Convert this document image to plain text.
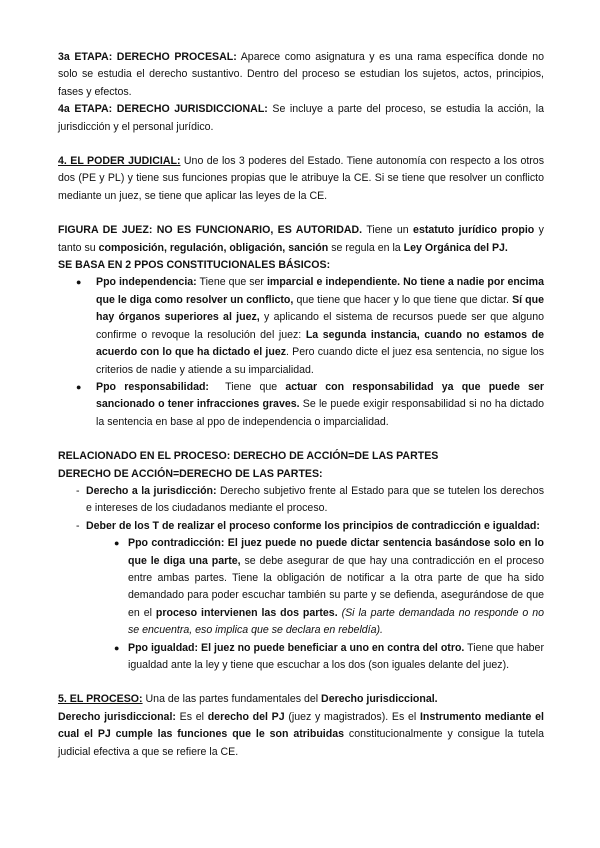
3a ETAPA: DERECHO PROCESAL: Aparece como asignatura y es una rama específica donde no solo se estudia el derecho sustantivo. Dentro del proceso se estudian los sujetos, actos, principios, fases y efectos.

4a ETAPA: DERECHO JURISDICCIONAL: Se incluye a parte del proceso, se estudia la acción, la jurisdicción y el personal jurídico.

4. EL PODER JUDICIAL: Uno de los 3 poderes del Estado. Tiene autonomía con respecto a los otros dos (PE y PL) y tiene sus funciones propias que le atribuye la CE. Si se tiene que resolver un conflicto mediante un juez, se tiene que aplicar las leyes de la CE.

FIGURA DE JUEZ: NO ES FUNCIONARIO, ES AUTORIDAD. Tiene un estatuto jurídico propio y tanto su composición, regulación, obligación, sanción se regula en la Ley Orgánica del PJ.

SE BASA EN 2 PPOS CONSTITUCIONALES BÁSICOS:

● Ppo independencia: Tiene que ser imparcial e independiente. No tiene a nadie por encima que le diga como resolver un conflicto, que tiene que hacer y lo que tiene que dictar. Sí que hay órganos superiores al juez, y aplicando el sistema de recursos puede ser que alguno confirme o revoque la resolución del juez: La segunda instancia, cuando no estamos de acuerdo con lo que ha dictado el juez. Pero cuando dicte el juez esa sentencia, no sigue los criterios de nadie y atiende a su imparcialidad.
● Ppo responsabilidad: Tiene que actuar con responsabilidad ya que puede ser sancionado o tener infracciones graves. Se le puede exigir responsabilidad si no ha dictado la sentencia en base al ppo de independencia o imparcialidad.

RELACIONADO EN EL PROCESO: DERECHO DE ACCIÓN=DE LAS PARTES

DERECHO DE ACCIÓN=DERECHO DE LAS PARTES:

- Derecho a la jurisdicción: Derecho subjetivo frente al Estado para que se tutelen los derechos e intereses de los ciudadanos mediante el proceso.
- Deber de los T de realizar el proceso conforme los principios de contradicción e igualdad:
● Ppo contradicción: El juez puede no puede dictar sentencia basándose solo en lo que le diga una parte, se debe asegurar de que hay una contradicción en el proceso entre ambas partes. Tiene la obligación de notificar a la otra parte de que ha sido demandado para poder escuchar también su parte y se defienda, asegurándose de que en el proceso intervienen las dos partes. (Si la parte demandada no responde o no se encuentra, eso implica que se declara en rebeldía).
● Ppo igualdad: El juez no puede beneficiar a uno en contra del otro. Tiene que haber igualdad ante la ley y tiene que escuchar a los dos (son iguales delante del juez).

5. EL PROCESO: Una de las partes fundamentales del Derecho jurisdiccional.

Derecho jurisdiccional: Es el derecho del PJ (juez y magistrados). Es el Instrumento mediante el cual el PJ cumple las funciones que le son atribuidas constitucionalmente y consigue la tutela judicial efectiva a que se refiere la CE.
